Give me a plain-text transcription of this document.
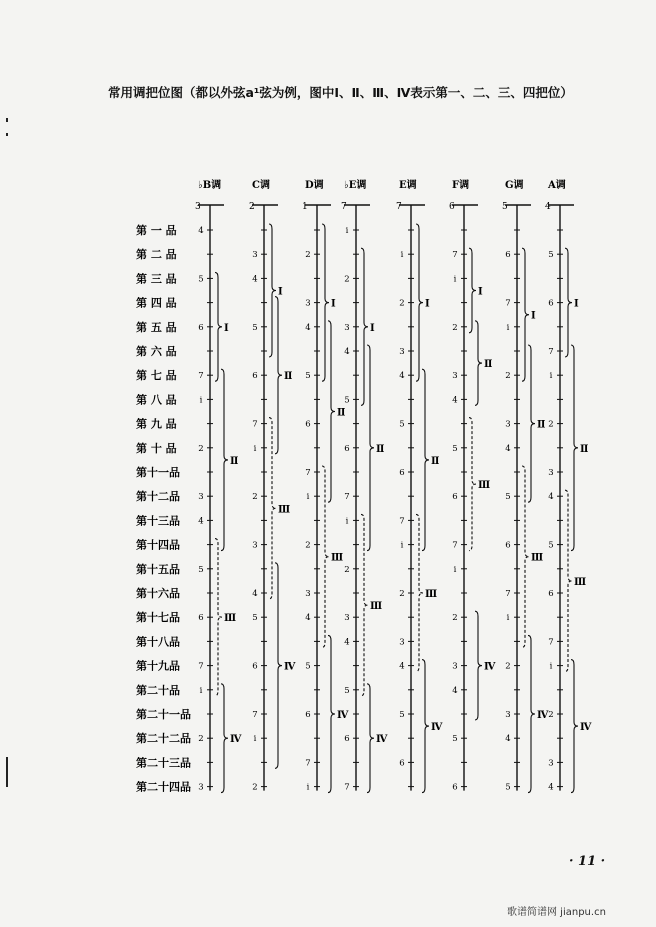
常用调把位图（都以外弦a¹弦为例，图中Ⅰ、Ⅱ、Ⅲ、Ⅳ表示第一、二、三、四把位）
第 一 品
第 二 品
第 三 品
第 四 品
第 五 品
第 六 品
第 七 品
第 八 品
第 九 品
第 十 品
第十一品
第十二品
第十三品
第十四品
第十五品
第十六品
第十七品
第十八品
第十九品
第二十品
第二十一品
第二十二品
第二十三品
第二十四品
♭B调
3
4
5
6
7
i
2
3
4
5
6
7
i
2
3
Ⅰ
Ⅱ
Ⅲ
Ⅳ
C调
2
3
4
5
6
7
i
2
3
4
5
6
7
i
2
Ⅰ
Ⅱ
Ⅲ
Ⅳ
D调
1
2
3
4
5
6
7
i
2
3
4
5
6
7
i
Ⅰ
Ⅱ
Ⅲ
Ⅳ
♭E调
7
i
2
3
4
5
6
7
i
2
3
4
5
6
7
Ⅰ
Ⅱ
Ⅲ
Ⅳ
E调
7
i
2
3
4
5
6
7
i
2
3
4
5
6
Ⅰ
Ⅱ
Ⅲ
Ⅳ
F调
6
7
i
2
3
4
5
6
7
i
2
3
4
5
6
Ⅰ
Ⅱ
Ⅲ
Ⅳ
G调
5
6
7
i
2
3
4
5
6
7
i
2
3
4
5
Ⅰ
Ⅱ
Ⅲ
Ⅳ
A调
4
5
6
7
i
2
3
4
5
6
7
i
2
3
4
Ⅰ
Ⅱ
Ⅲ
Ⅳ
· 11 ·
歌谱简谱网 jianpu.cn
